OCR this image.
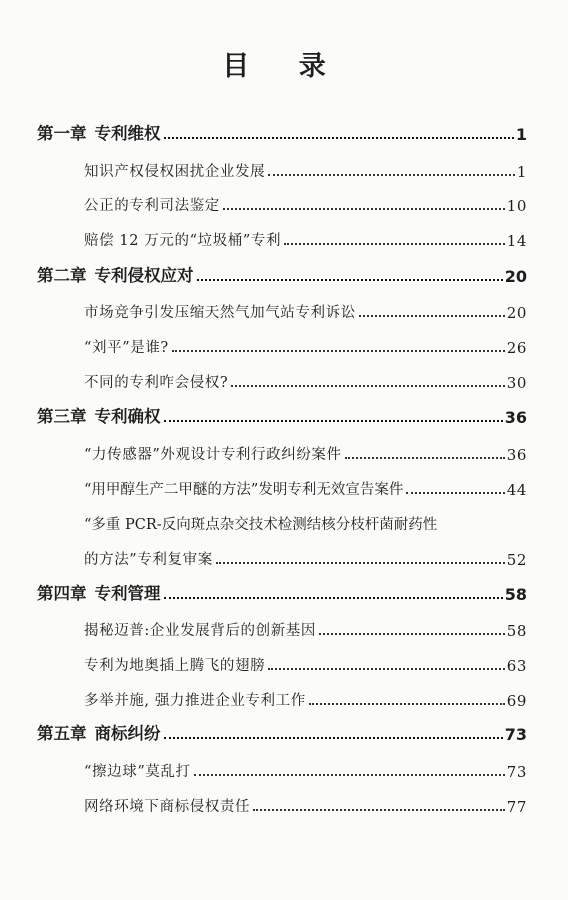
目 录
第一章 专利维权	1
知识产权侵权困扰企业发展	1
公正的专利司法鉴定	10
赔偿 12 万元的“垃圾桶”专利	14
第二章 专利侵权应对	20
市场竞争引发压缩天然气加气站专利诉讼	20
“刘平”是谁?	26
不同的专利咋会侵权?	30
第三章 专利确权	36
“力传感器”外观设计专利行政纠纷案件	36
“用甲醇生产二甲醚的方法”发明专利无效宣告案件	44
“多重 PCR-反向斑点杂交技术检测结核分枝杆菌耐药性
的方法”专利复审案	52
第四章 专利管理	58
揭秘迈普:企业发展背后的创新基因	58
专利为地奥插上腾飞的翅膀	63
多举并施, 强力推进企业专利工作	69
第五章 商标纠纷	73
“擦边球”莫乱打	73
网络环境下商标侵权责任	77
